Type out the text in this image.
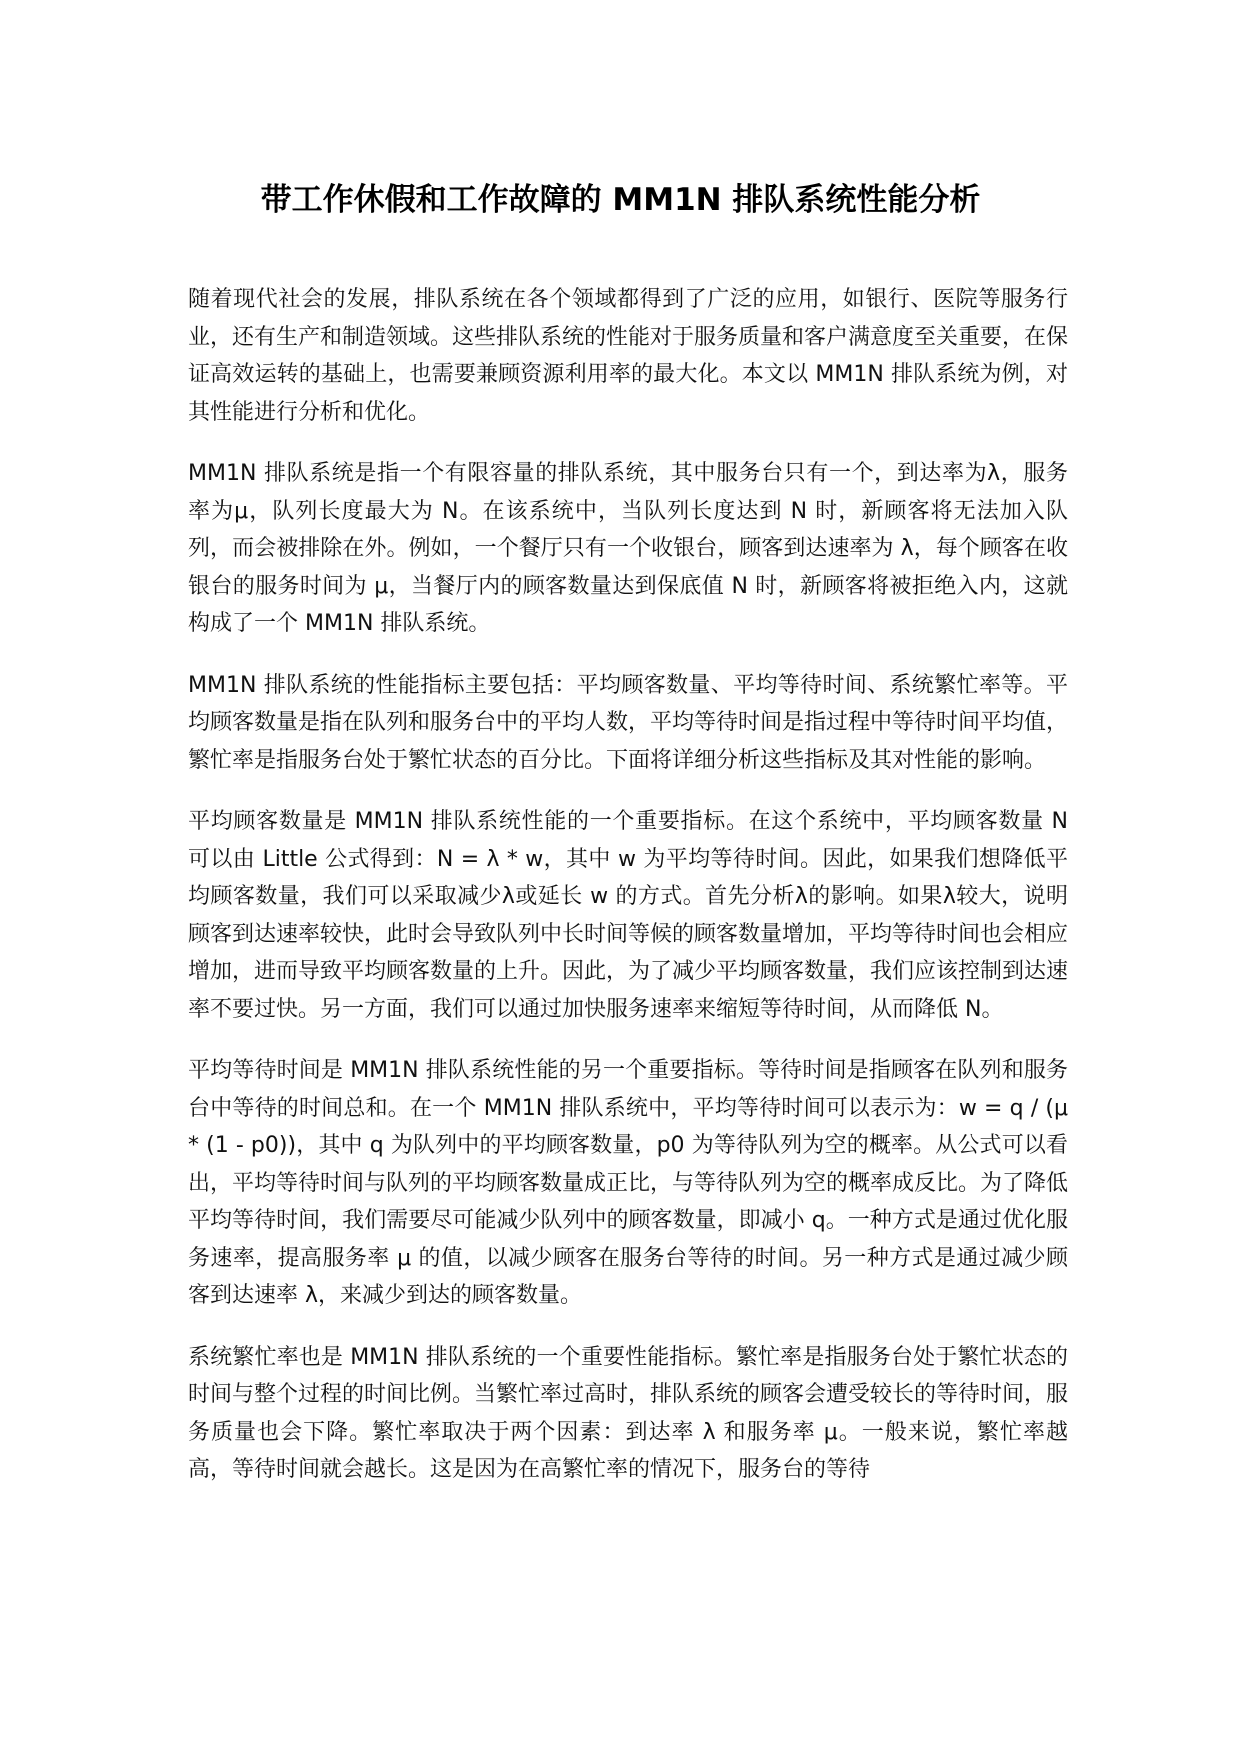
带工作休假和工作故障的 MM1N 排队系统性能分析

随着现代社会的发展，排队系统在各个领域都得到了广泛的应用，如银行、医院等服务行业，还有生产和制造领域。这些排队系统的性能对于服务质量和客户满意度至关重要，在保证高效运转的基础上，也需要兼顾资源利用率的最大化。本文以 MM1N 排队系统为例，对其性能进行分析和优化。

MM1N 排队系统是指一个有限容量的排队系统，其中服务台只有一个，到达率为λ，服务率为μ，队列长度最大为 N。在该系统中，当队列长度达到 N 时，新顾客将无法加入队列，而会被排除在外。例如，一个餐厅只有一个收银台，顾客到达速率为 λ，每个顾客在收银台的服务时间为 μ，当餐厅内的顾客数量达到保底值 N 时，新顾客将被拒绝入内，这就构成了一个 MM1N 排队系统。

MM1N 排队系统的性能指标主要包括：平均顾客数量、平均等待时间、系统繁忙率等。平均顾客数量是指在队列和服务台中的平均人数，平均等待时间是指过程中等待时间平均值，繁忙率是指服务台处于繁忙状态的百分比。下面将详细分析这些指标及其对性能的影响。

平均顾客数量是 MM1N 排队系统性能的一个重要指标。在这个系统中，平均顾客数量 N 可以由 Little 公式得到：N = λ * w，其中 w 为平均等待时间。因此，如果我们想降低平均顾客数量，我们可以采取减少λ或延长 w 的方式。首先分析λ的影响。如果λ较大，说明顾客到达速率较快，此时会导致队列中长时间等候的顾客数量增加，平均等待时间也会相应增加，进而导致平均顾客数量的上升。因此，为了减少平均顾客数量，我们应该控制到达速率不要过快。另一方面，我们可以通过加快服务速率来缩短等待时间，从而降低 N。

平均等待时间是 MM1N 排队系统性能的另一个重要指标。等待时间是指顾客在队列和服务台中等待的时间总和。在一个 MM1N 排队系统中，平均等待时间可以表示为：w = q / (μ * (1 - p0))，其中 q 为队列中的平均顾客数量，p0 为等待队列为空的概率。从公式可以看出，平均等待时间与队列的平均顾客数量成正比，与等待队列为空的概率成反比。为了降低平均等待时间，我们需要尽可能减少队列中的顾客数量，即减小 q。一种方式是通过优化服务速率，提高服务率 μ 的值，以减少顾客在服务台等待的时间。另一种方式是通过减少顾客到达速率 λ，来减少到达的顾客数量。

系统繁忙率也是 MM1N 排队系统的一个重要性能指标。繁忙率是指服务台处于繁忙状态的时间与整个过程的时间比例。当繁忙率过高时，排队系统的顾客会遭受较长的等待时间，服务质量也会下降。繁忙率取决于两个因素：到达率 λ 和服务率 μ。一般来说，繁忙率越高，等待时间就会越长。这是因为在高繁忙率的情况下，服务台的等待
